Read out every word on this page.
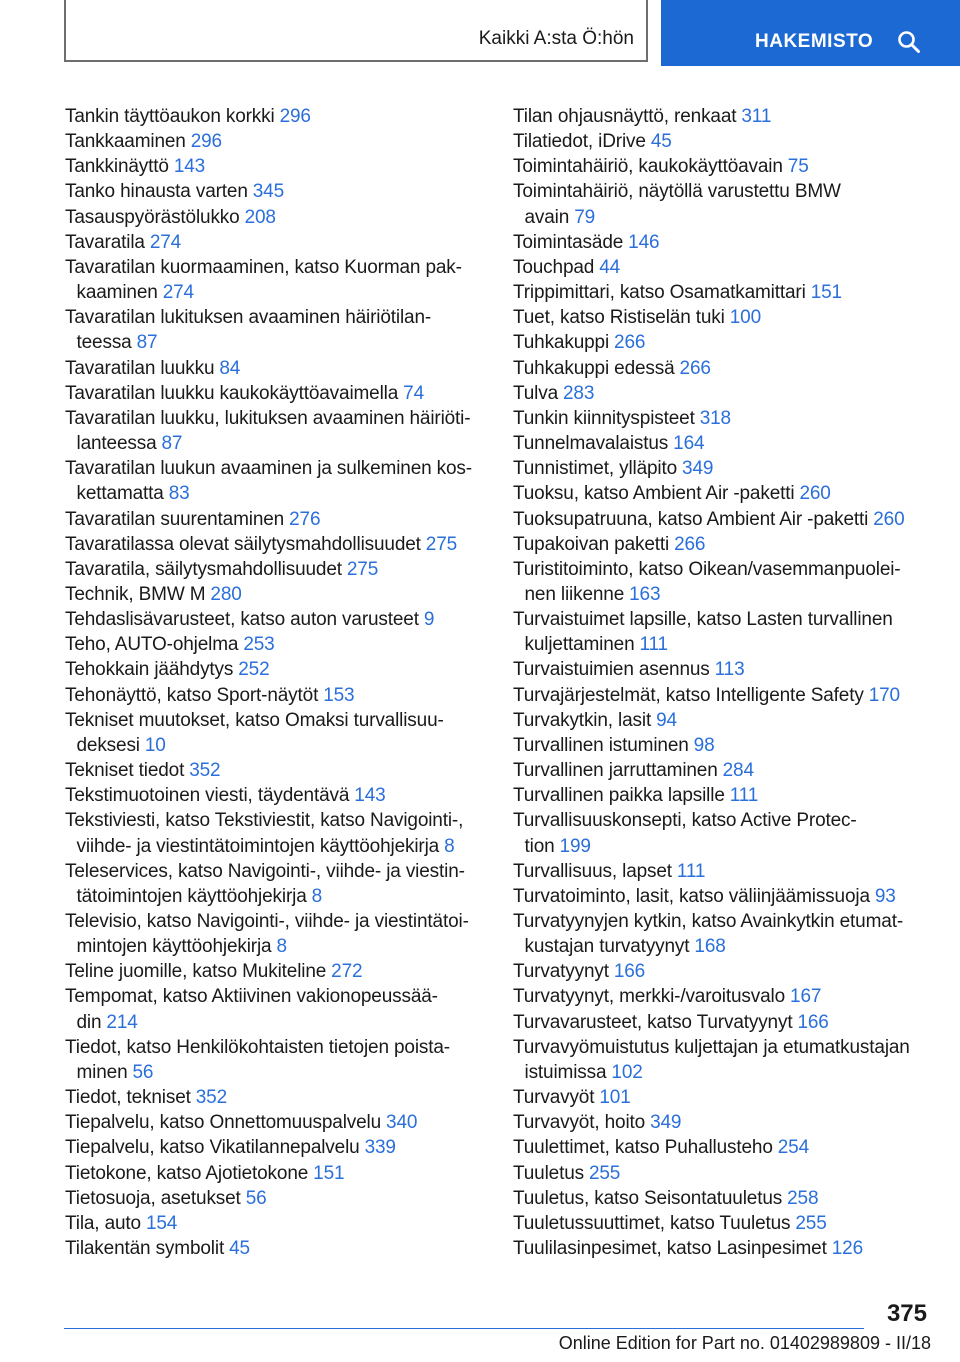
Kaikki A:sta Ö:hön	HAKEMISTO
Tankin täyttöaukon korkki 296
Tankkaaminen 296
Tankkinäyttö 143
Tanko hinausta varten 345
Tasauspyörästölukko 208
Tavaratila 274
Tavaratilan kuormaaminen, katso Kuorman pak-
kaaminen 274
Tavaratilan lukituksen avaaminen häiriötilan-
teessa 87
Tavaratilan luukku 84
Tavaratilan luukku kaukokäyttöavaimella 74
Tavaratilan luukku, lukituksen avaaminen häiriöti-
lanteessa 87
Tavaratilan luukun avaaminen ja sulkeminen kos-
kettamatta 83
Tavaratilan suurentaminen 276
Tavaratilassa olevat säilytysmahdollisuudet 275
Tavaratila, säilytysmahdollisuudet 275
Technik, BMW M 280
Tehdaslisävarusteet, katso auton varusteet 9
Teho, AUTO-ohjelma 253
Tehokkain jäähdytys 252
Tehonäyttö, katso Sport-näytöt 153
Tekniset muutokset, katso Omaksi turvallisuu-
deksesi 10
Tekniset tiedot 352
Tekstimuotoinen viesti, täydentävä 143
Tekstiviesti, katso Tekstiviestit, katso Navigointi-,
viihde- ja viestintätoimintojen käyttöohjekirja 8
Teleservices, katso Navigointi-, viihde- ja viestin-
tätoimintojen käyttöohjekirja 8
Televisio, katso Navigointi-, viihde- ja viestintätoi-
mintojen käyttöohjekirja 8
Teline juomille, katso Mukiteline 272
Tempomat, katso Aktiivinen vakionopeussää-
din 214
Tiedot, katso Henkilökohtaisten tietojen poista-
minen 56
Tiedot, tekniset 352
Tiepalvelu, katso Onnettomuuspalvelu 340
Tiepalvelu, katso Vikatilannepalvelu 339
Tietokone, katso Ajotietokone 151
Tietosuoja, asetukset 56
Tila, auto 154
Tilakentän symbolit 45
Tilan ohjausnäyttö, renkaat 311
Tilatiedot, iDrive 45
Toimintahäiriö, kaukokäyttöavain 75
Toimintahäiriö, näytöllä varustettu BMW
avain 79
Toimintasäde 146
Touchpad 44
Trippimittari, katso Osamatkamittari 151
Tuet, katso Ristiselän tuki 100
Tuhkakuppi 266
Tuhkakuppi edessä 266
Tulva 283
Tunkin kiinnityspisteet 318
Tunnelmavalaistus 164
Tunnistimet, ylläpito 349
Tuoksu, katso Ambient Air -paketti 260
Tuoksupatruuna, katso Ambient Air -paketti 260
Tupakoivan paketti 266
Turistitoiminto, katso Oikean/vasemmanpuolei-
nen liikenne 163
Turvaistuimet lapsille, katso Lasten turvallinen
kuljettaminen 111
Turvaistuimien asennus 113
Turvajärjestelmät, katso Intelligente Safety 170
Turvakytkin, lasit 94
Turvallinen istuminen 98
Turvallinen jarruttaminen 284
Turvallinen paikka lapsille 111
Turvallisuuskonsepti, katso Active Protec-
tion 199
Turvallisuus, lapset 111
Turvatoiminto, lasit, katso väliinjäämissuoja 93
Turvatyynyjen kytkin, katso Avainkytkin etumat-
kustajan turvatyynyt 168
Turvatyynyt 166
Turvatyynyt, merkki-/varoitusvalo 167
Turvavarusteet, katso Turvatyynyt 166
Turvavyömuistutus kuljettajan ja etumatkustajan
istuimissa 102
Turvavyöt 101
Turvavyöt, hoito 349
Tuulettimet, katso Puhallusteho 254
Tuuletus 255
Tuuletus, katso Seisontatuuletus 258
Tuuletussuuttimet, katso Tuuletus 255
Tuulilasinpesimet, katso Lasinpesimet 126
375
Online Edition for Part no. 01402989809 - II/18
